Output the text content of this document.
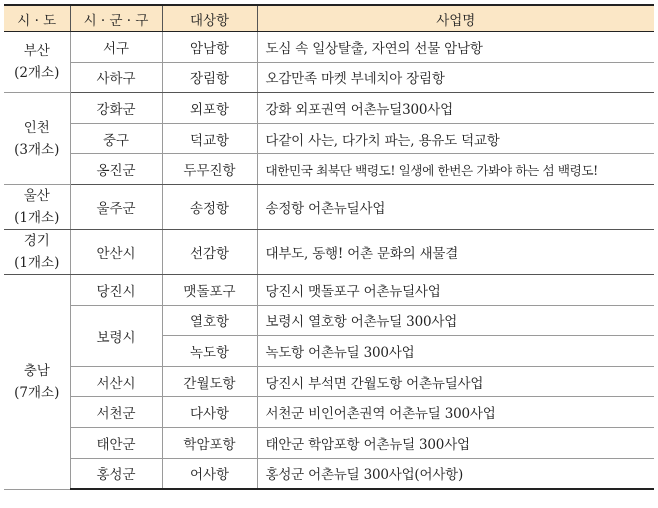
시 · 도	시 · 군 · 구	대상항	사업명

부산
(2개소)	서구	암남항	도심 속 일상탈출, 자연의 선물 암남항
	사하구	장림항	오감만족 마켓 부네치아 장림항

인천
(3개소)	강화군	외포항	강화 외포권역 어촌뉴딜300사업
	중구	덕교항	다같이 사는, 다가치 파는, 용유도 덕교항
	옹진군	두무진항	대한민국 최북단 백령도! 일생에 한번은 가봐야 하는 섬 백령도!

울산
(1개소)	울주군	송정항	송정항 어촌뉴딜사업

경기
(1개소)	안산시	선감항	대부도, 동행! 어촌 문화의 새물결

충남
(7개소)	당진시	맷돌포구	당진시 맷돌포구 어촌뉴딜사업
	보령시	열호항	보령시 열호항 어촌뉴딜 300사업
		녹도항	녹도항 어촌뉴딜 300사업
	서산시	간월도항	당진시 부석면 간월도항 어촌뉴딜사업
	서천군	다사항	서천군 비인어촌권역 어촌뉴딜 300사업
	태안군	학암포항	태안군 학암포항 어촌뉴딜 300사업
	홍성군	어사항	홍성군 어촌뉴딜 300사업(어사항)
